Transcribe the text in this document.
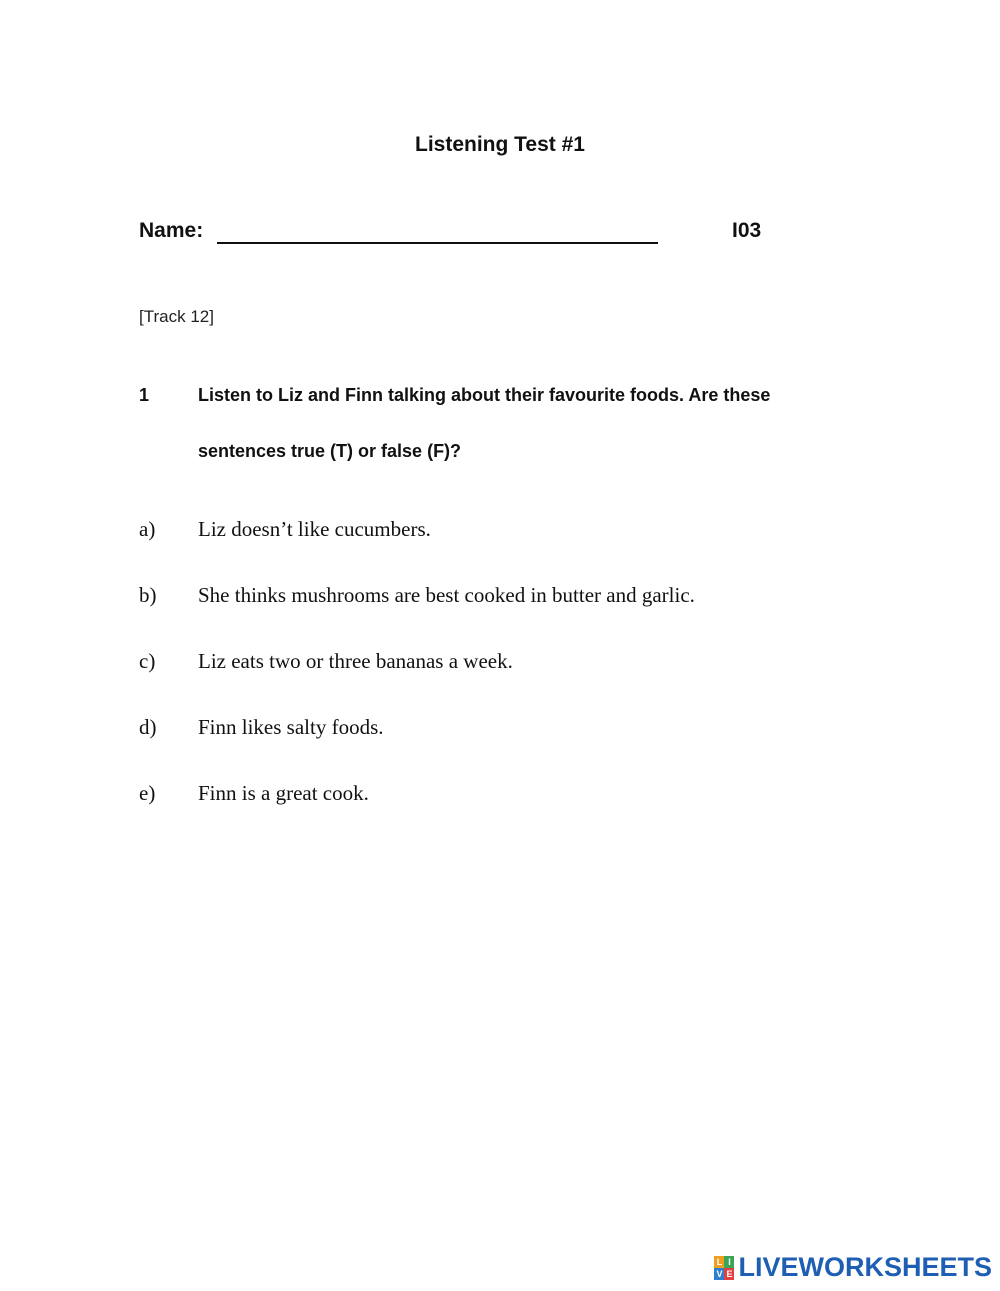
Listening Test #1
Name:	I03
[Track 12]
1	Listen to Liz and Finn talking about their favourite foods. Are these
sentences true (T) or false (F)?
a) Liz doesn’t like cucumbers.
b) She thinks mushrooms are best cooked in butter and garlic.
c) Liz eats two or three bananas a week.
d) Finn likes salty foods.
e) Finn is a great cook.
L I
V E LIVEWORKSHEETS
